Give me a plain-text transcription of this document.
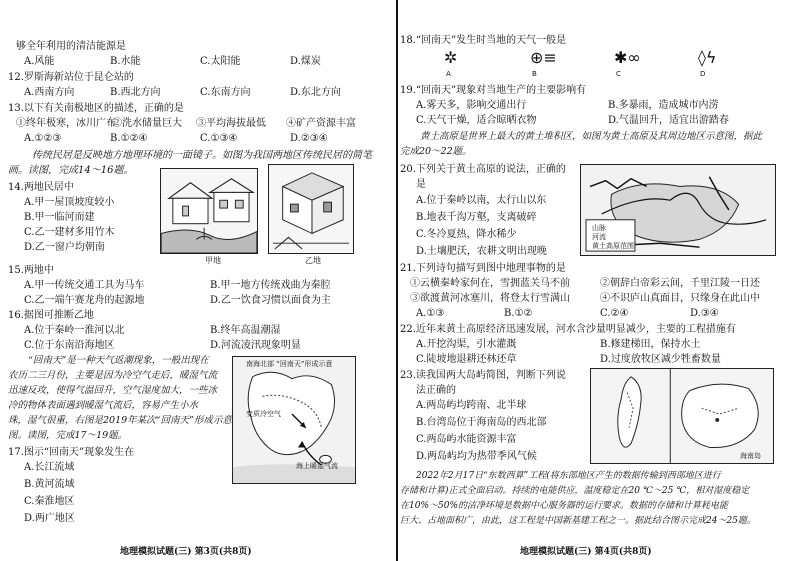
够全年利用的清洁能源是
A.风能	B.水能	C.太阳能	D.煤炭
12.罗斯海新站位于昆仑站的
A.西南方向	B.西北方向	C.东南方向	D.东北方向
13.以下有关南极地区的描述，正确的是
①终年极寒，冰川广布
②洗水储量巨大 ③平均海拔最低 ④矿产资源丰富
A.①②③	B.①②④	C.①③④	D.②③④
传统民居是反映地方地理环境的一面镜子。如图为我国两地区传统民居的简笔
画。读图，完成14～16题。
14.两地民居中
A.甲一屋顶坡度较小
B.甲一临河而建
C.乙一建材多用竹木
D.乙一窗户均朝南
甲地	乙地
15.两地中
A.甲一传统交通工具为马车	B.甲一地方传统戏曲为秦腔
C.乙一端午赛龙舟的起源地	D.乙一饮食习惯以面食为主
16.据图可推断乙地
A.位于秦岭一淮河以北	B.终年高温潮湿
C.位于东南沿海地区	D.河流凌汛现象明显
“回南天”是一种天气返潮现象，一般出现在
农历二三月份，主要是因为冷空气走后，暖湿气流
迅速反攻，使得气温回升，空气湿度加大，一些冰
冷的物体表面遇到暖湿气流后，容易产生小水
珠，湿气很重，右图是2019年某次“回南天”形成示意
图。读图，完成17～19题。
南海北部 “回南天”形成示意
变质冷空气
海上暖湿气流
17.图示“回南天”现象发生在
A.长江流域
B.黄河流域
C.秦淮地区
D.两广地区
地理模拟试题(三) 第3页(共8页)
18.“回南天”发生时当地的天气一般是
✲
A
⊕≡
B
✱∞
C
◊ϟ
D
19.“回南天”现象对当地生产的主要影响有
A.雾天多，影响交通出行	B.多暴雨，造成城市内涝
C.天气干燥，适合晾晒衣物	D.气温回升，适宜出游踏春
黄土高原是世界上最大的黄土堆积区，如图为黄土高原及其周边地区示意图，据此
完成20～22题。
20.下列关于黄土高原的说法，正确的
是
A.位于秦岭以南，太行山以东
B.地表千沟万壑，支离破碎
C.冬冷夏热，降水稀少
D.土壤肥沃，农耕文明出现晚
山脉
河流
黄土高原范围
21.下列诗句描写到图中地理事物的是
①云横秦岭家何在，雪拥蓝关马不前	②朝辞白帝彩云间，千里江陵一日还
③欲渡黄河冰塞川，将登太行雪满山	④不识庐山真面目，只缘身在此山中
A.①③	B.①②	C.②④	D.③④
22.近年来黄土高原经济迅速发展，河水含沙量明显减少，主要的工程措施有
A.开挖沟渠，引水灌溉	B.修建梯田，保持水土
C.陡坡地退耕还林还草	D.过度放牧区减少牲畜数量
23.读我国两大岛屿简图，判断下列说
法正确的
A.两岛屿均跨南、北半球
B.台湾岛位于海南岛的西北部
C.两岛屿水能资源丰富
D.两岛屿均为热带季风气候	海南岛
2022年2月17日“东数西算”工程(将东部地区产生的数据传输到西部地区进行
存储和计算)正式全面启动。持续的电能供应，温度稳定在20 ℃～25 ℃，相对湿度稳定
在10%～50%的洁净环境是数据中心服务器的运行要求。数据的存储和计算耗电能
巨大、占地面积广，由此，这工程是中国新基建工程之一。据此结合图示完成24～25题。
地理模拟试题(三) 第4页(共8页)
